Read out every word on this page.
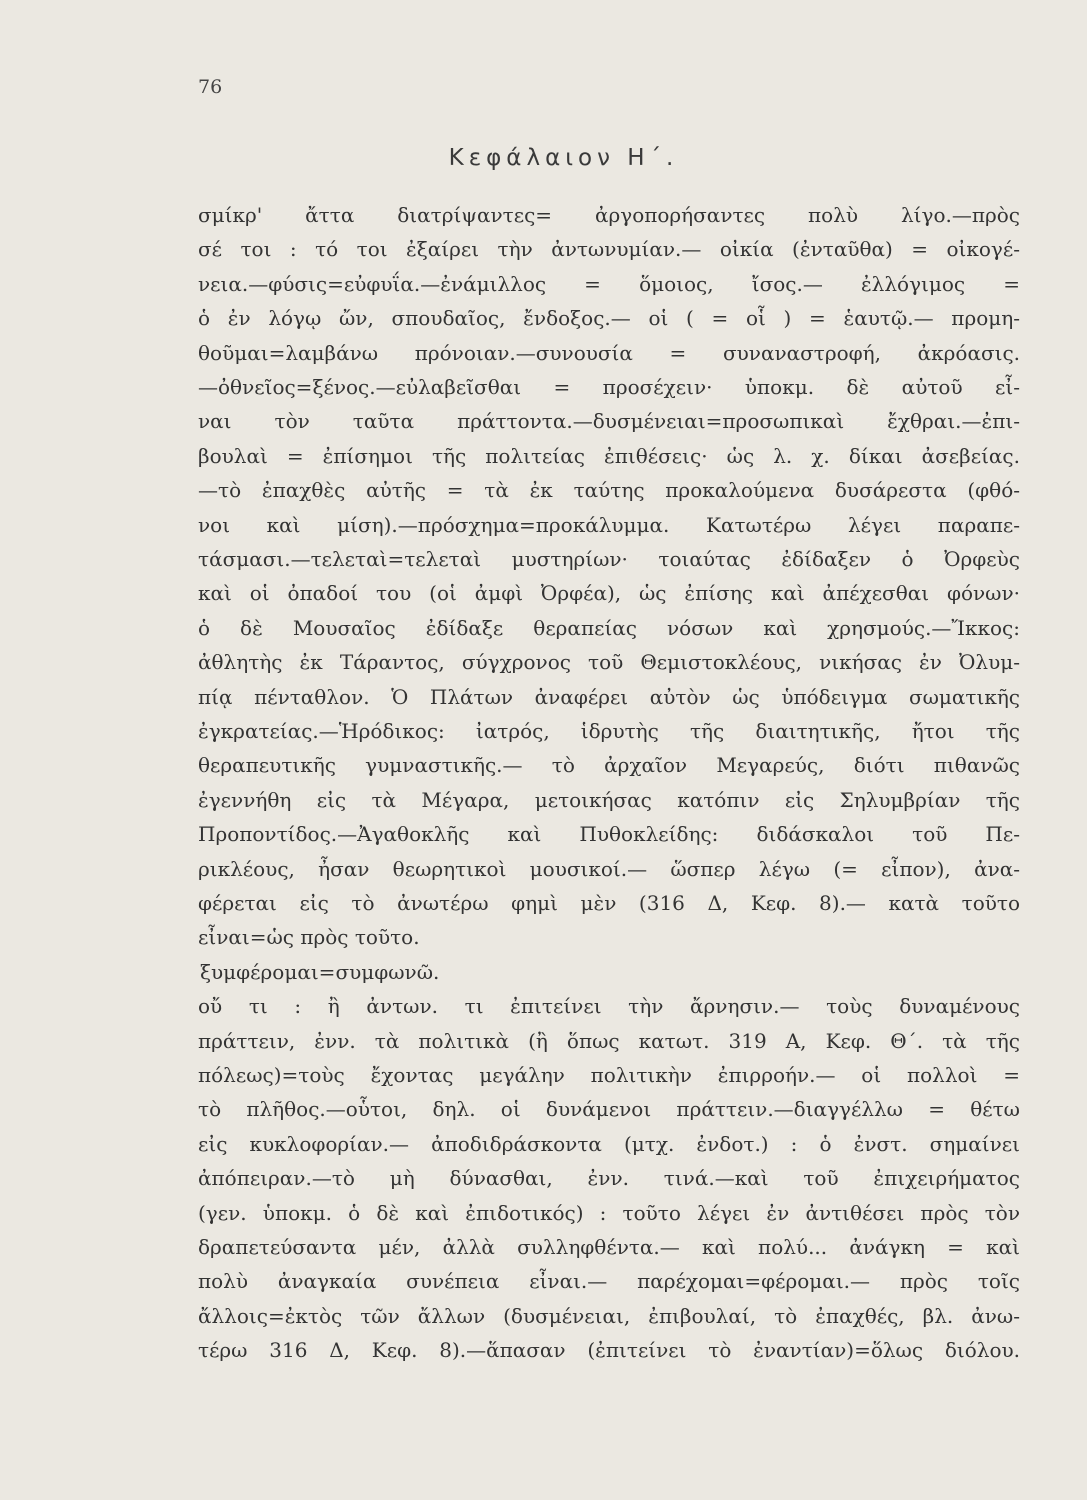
76
Κεφάλαιον Η΄.
σμίκρ' ἄττα διατρίψαντες= ἀργοπορήσαντες πολὺ λίγο.—πρὸς
σέ τοι : τό τοι ἐξαίρει τὴν ἀντωνυμίαν.— οἰκία (ἐνταῦθα) = οἰκογέ-
νεια.—φύσις=εὐφυΐα.—ἐνάμιλλος = ὅμοιος, ἴσος.— ἐλλόγιμος =
ὁ ἐν λόγῳ ὤν, σπουδαῖος, ἔνδοξος.— οἱ ( = οἷ ) = ἑαυτῷ.— προμη-
θοῦμαι=λαμβάνω πρόνοιαν.—συνουσία = συναναστροφή, ἀκρόασις.
—ὀθνεῖος=ξένος.—εὐλαβεῖσθαι = προσέχειν· ὑποκμ. δὲ αὐτοῦ εἶ-
ναι τὸν ταῦτα πράττοντα.—δυσμένειαι=προσωπικαὶ ἔχθραι.—ἐπι-
βουλαὶ = ἐπίσημοι τῆς πολιτείας ἐπιθέσεις· ὡς λ. χ. δίκαι ἀσεβείας.
—τὸ ἐπαχθὲς αὐτῆς = τὰ ἐκ ταύτης προκαλούμενα δυσάρεστα (φθό-
νοι καὶ μίση).—πρόσχημα=προκάλυμμα. Κατωτέρω λέγει παραπε-
τάσμασι.—τελεταὶ=τελεταὶ μυστηρίων· τοιαύτας ἐδίδαξεν ὁ Ὀρφεὺς
καὶ οἱ ὀπαδοί του (οἱ ἀμφὶ Ὀρφέα), ὡς ἐπίσης καὶ ἀπέχεσθαι φόνων·
ὁ δὲ Μουσαῖος ἐδίδαξε θεραπείας νόσων καὶ χρησμούς.—Ἴκκος:
ἀθλητὴς ἐκ Τάραντος, σύγχρονος τοῦ Θεμιστοκλέους, νικήσας ἐν Ὀλυμ-
πίᾳ πένταθλον. Ὁ Πλάτων ἀναφέρει αὐτὸν ὡς ὑπόδειγμα σωματικῆς
ἐγκρατείας.—Ἡρόδικος: ἰατρός, ἱδρυτὴς τῆς διαιτητικῆς, ἤτοι τῆς
θεραπευτικῆς γυμναστικῆς.— τὸ ἀρχαῖον Μεγαρεύς, διότι πιθανῶς
ἐγεννήθη εἰς τὰ Μέγαρα, μετοικήσας κατόπιν εἰς Σηλυμβρίαν τῆς
Προποντίδος.—Ἀγαθοκλῆς καὶ Πυθοκλείδης: διδάσκαλοι τοῦ Πε-
ρικλέους, ἦσαν θεωρητικοὶ μουσικοί.— ὥσπερ λέγω (= εἶπον), ἀνα-
φέρεται εἰς τὸ ἀνωτέρω φημὶ μὲν (316 Δ, Κεφ. 8).— κατὰ τοῦτο
εἶναι=ὡς πρὸς τοῦτο.
ξυμφέρομαι=συμφωνῶ.
οὔ τι : ἢ ἀντων. τι ἐπιτείνει τὴν ἄρνησιν.— τοὺς δυναμένους
πράττειν, ἐνν. τὰ πολιτικὰ (ἢ ὅπως κατωτ. 319 Α, Κεφ. Θ΄. τὰ τῆς
πόλεως)=τοὺς ἔχοντας μεγάλην πολιτικὴν ἐπιρροήν.— οἱ πολλοὶ =
τὸ πλῆθος.—οὗτοι, δηλ. οἱ δυνάμενοι πράττειν.—διαγγέλλω = θέτω
εἰς κυκλοφορίαν.— ἀποδιδράσκοντα (μτχ. ἐνδοτ.) : ὁ ἐνστ. σημαίνει
ἀπόπειραν.—τὸ μὴ δύνασθαι, ἐνν. τινά.—καὶ τοῦ ἐπιχειρήματος
(γεν. ὑποκμ. ὁ δὲ καὶ ἐπιδοτικός) : τοῦτο λέγει ἐν ἀντιθέσει πρὸς τὸν
δραπετεύσαντα μέν, ἀλλὰ συλληφθέντα.— καὶ πολύ... ἀνάγκη = καὶ
πολὺ ἀναγκαία συνέπεια εἶναι.— παρέχομαι=φέρομαι.— πρὸς τοῖς
ἄλλοις=ἐκτὸς τῶν ἄλλων (δυσμένειαι, ἐπιβουλαί, τὸ ἐπαχθές, βλ. ἀνω-
τέρω 316 Δ, Κεφ. 8).—ἅπασαν (ἐπιτείνει τὸ ἐναντίαν)=ὅλως διόλου.
